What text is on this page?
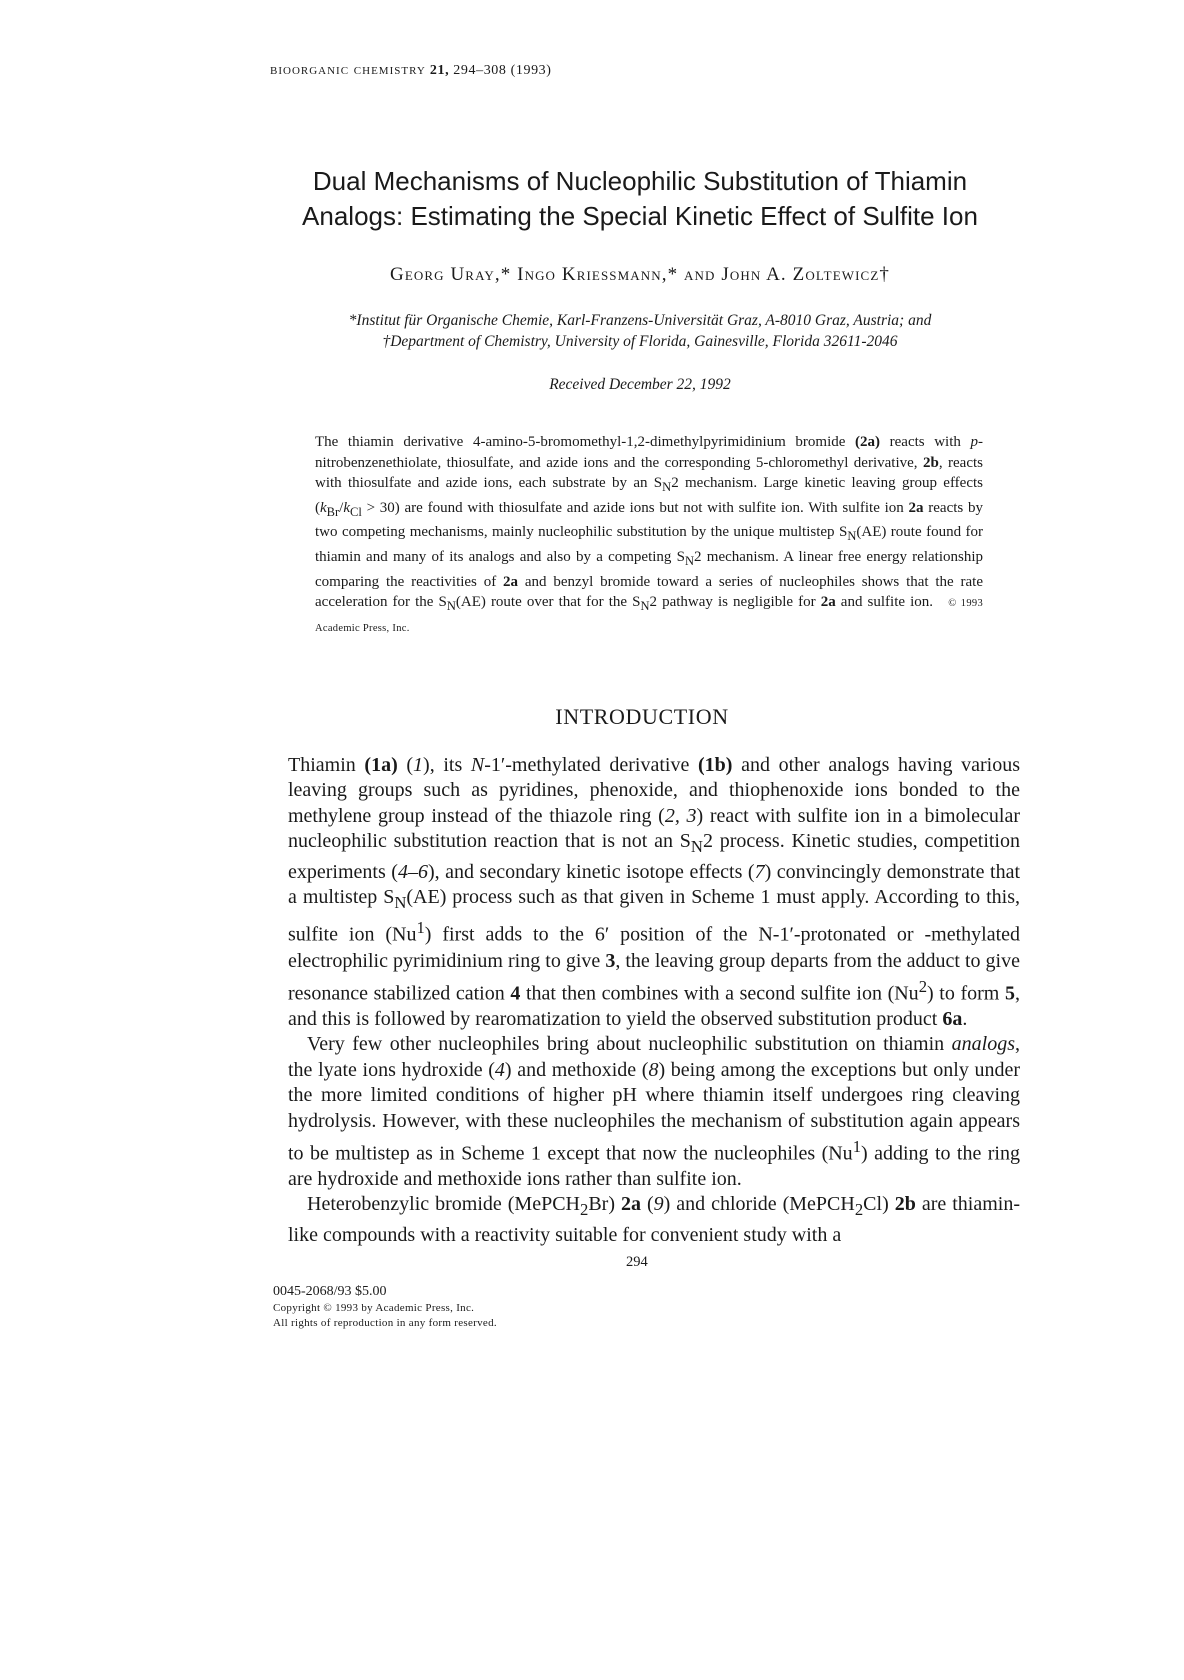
bioorganic chemistry 21, 294–308 (1993)
Dual Mechanisms of Nucleophilic Substitution of Thiamin
Analogs: Estimating the Special Kinetic Effect of Sulfite Ion
Georg Uray,* Ingo Kriessmann,* and John A. Zoltewicz†
*Institut für Organische Chemie, Karl-Franzens-Universität Graz, A-8010 Graz, Austria; and
†Department of Chemistry, University of Florida, Gainesville, Florida 32611-2046
Received December 22, 1992
The thiamin derivative 4-amino-5-bromomethyl-1,2-dimethylpyrimidinium bromide (2a) reacts with p-nitrobenzenethiolate, thiosulfate, and azide ions and the corresponding 5-chloromethyl derivative, 2b, reacts with thiosulfate and azide ions, each substrate by an $S_N2$ mechanism. Large kinetic leaving group effects $(k_{Br}/k_{Cl} > 30)$ are found with thiosulfate and azide ions but not with sulfite ion. With sulfite ion 2a reacts by two competing mechanisms, mainly nucleophilic substitution by the unique multistep $S_N(AE)$ route found for thiamin and many of its analogs and also by a competing $S_N2$ mechanism. A linear free energy relationship comparing the reactivities of 2a and benzyl bromide toward a series of nucleophiles shows that the rate acceleration for the $S_N(AE)$ route over that for the $S_N2$ pathway is negligible for 2a and sulfite ion. © 1993 Academic Press, Inc.
INTRODUCTION

Thiamin (1a) (1), its N-1′-methylated derivative (1b) and other analogs having various leaving groups such as pyridines, phenoxide, and thiophenoxide ions bonded to the methylene group instead of the thiazole ring (2, 3) react with sulfite ion in a bimolecular nucleophilic substitution reaction that is not an $S_N2$ process. Kinetic studies, competition experiments (4–6), and secondary kinetic isotope effects (7) convincingly demonstrate that a multistep $S_N(AE)$ process such as that given in Scheme 1 must apply. According to this, sulfite ion (Nu$^1$) first adds to the 6′ position of the N-1′-protonated or -methylated electrophilic pyrimidinium ring to give 3, the leaving group departs from the adduct to give resonance stabilized cation 4 that then combines with a second sulfite ion (Nu$^2$) to form 5, and this is followed by rearomatization to yield the observed substitution product 6a.

Very few other nucleophiles bring about nucleophilic substitution on thiamin analogs, the lyate ions hydroxide (4) and methoxide (8) being among the exceptions but only under the more limited conditions of higher pH where thiamin itself undergoes ring cleaving hydrolysis. However, with these nucleophiles the mechanism of substitution again appears to be multistep as in Scheme 1 except that now the nucleophiles (Nu$^1$) adding to the ring are hydroxide and methoxide ions rather than sulfite ion.

Heterobenzylic bromide (MePCH$_2$Br) 2a (9) and chloride (MePCH$_2$Cl) 2b are thiamin-like compounds with a reactivity suitable for convenient study with a

294
0045-2068/93 $5.00
Copyright © 1993 by Academic Press, Inc.
All rights of reproduction in any form reserved.
